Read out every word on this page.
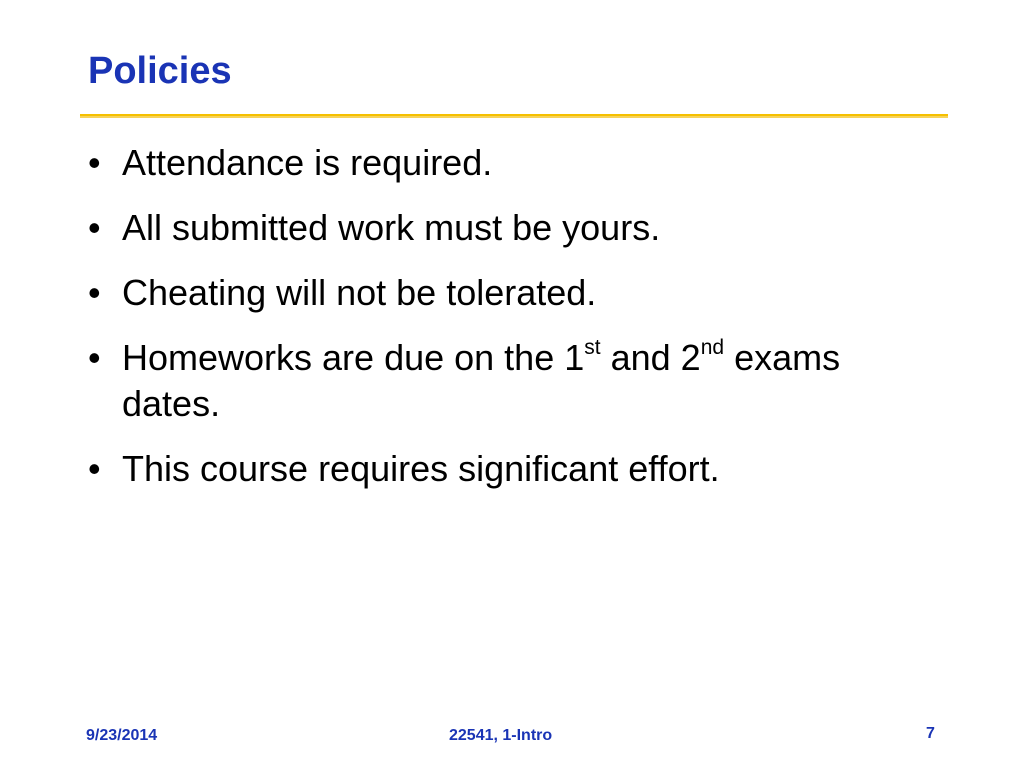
Policies
• Attendance is required.
• All submitted work must be yours.
• Cheating will not be tolerated.
• Homeworks are due on the 1st and 2nd exams dates.
• This course requires significant effort.
9/23/2014	22541, 1-Intro	7
